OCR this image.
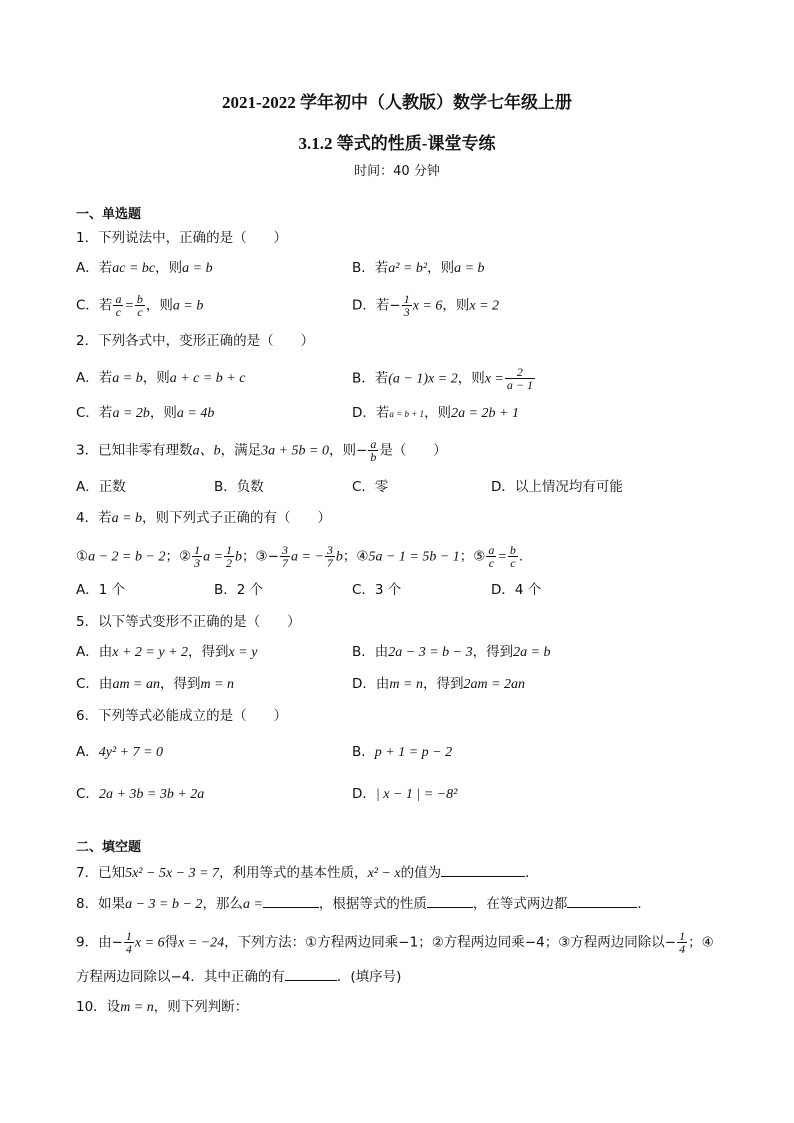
2021-2022 学年初中（人教版）数学七年级上册
3.1.2 等式的性质-课堂专练
时间：40 分钟
一、单选题
1．下列说法中，正确的是（　　）
A．若ac = bc，则a = b	B．若a² = b²，则a = b
C．若 $\frac{a}{c} = \frac{b}{c}$ ，则a = b	D．若− $\frac{1}{3}$ x = 6，则x = 2
2．下列各式中，变形正确的是（　　）
A．若a = b，则a + c = b + c	B．若(a − 1)x = 2，则$x = \frac{2}{a - 1}$
C．若a = 2b，则a = 4b	D．若a = b + 1，则2a = 2b + 1
3．已知非零有理数a、b，满足3a + 5b = 0，则− $\frac{a}{b}$ 是（　　）
A．正数	B．负数	C．零	D．以上情况均有可能
4．若a = b，则下列式子正确的有（　　）
①a − 2 = b − 2；② $\frac{1}{3}$ $a = \frac{1}{2}$ b；③− $\frac{3}{7}$ a = − $\frac{3}{7}$ b；④5a − 1 = 5b − 1；⑤ $\frac{a}{c} = \frac{b}{c}$ .
A．1 个	B．2 个	C．3 个	D．4 个
5．以下等式变形不正确的是（　　）
A．由x + 2 = y + 2，得到x = y	B．由2a − 3 = b − 3，得到2a = b
C．由am = an，得到m = n	D．由m = n，得到2am = 2an
6．下列等式必能成立的是（　　）
A．4y² + 7 = 0	B．p + 1 = p − 2
C．2a + 3b = 3b + 2a	D．| x − 1 | = −8²
二、填空题
7．已知5x² − 5x − 3 = 7，利用等式的基本性质，x² − x的值为	．
8．如果a − 3 = b − 2，那么a =	，根据等式的性质	，在等式两边都	．
9．由− $\frac{1}{4}$ x = 6得x = −24，下列方法：①方程两边同乘−1；②方程两边同乘−4；③方程两边同除以− $\frac{1}{4}$ ；④
方程两边同除以−4．其中正确的有	．(填序号)
10．设m = n，则下列判断：
